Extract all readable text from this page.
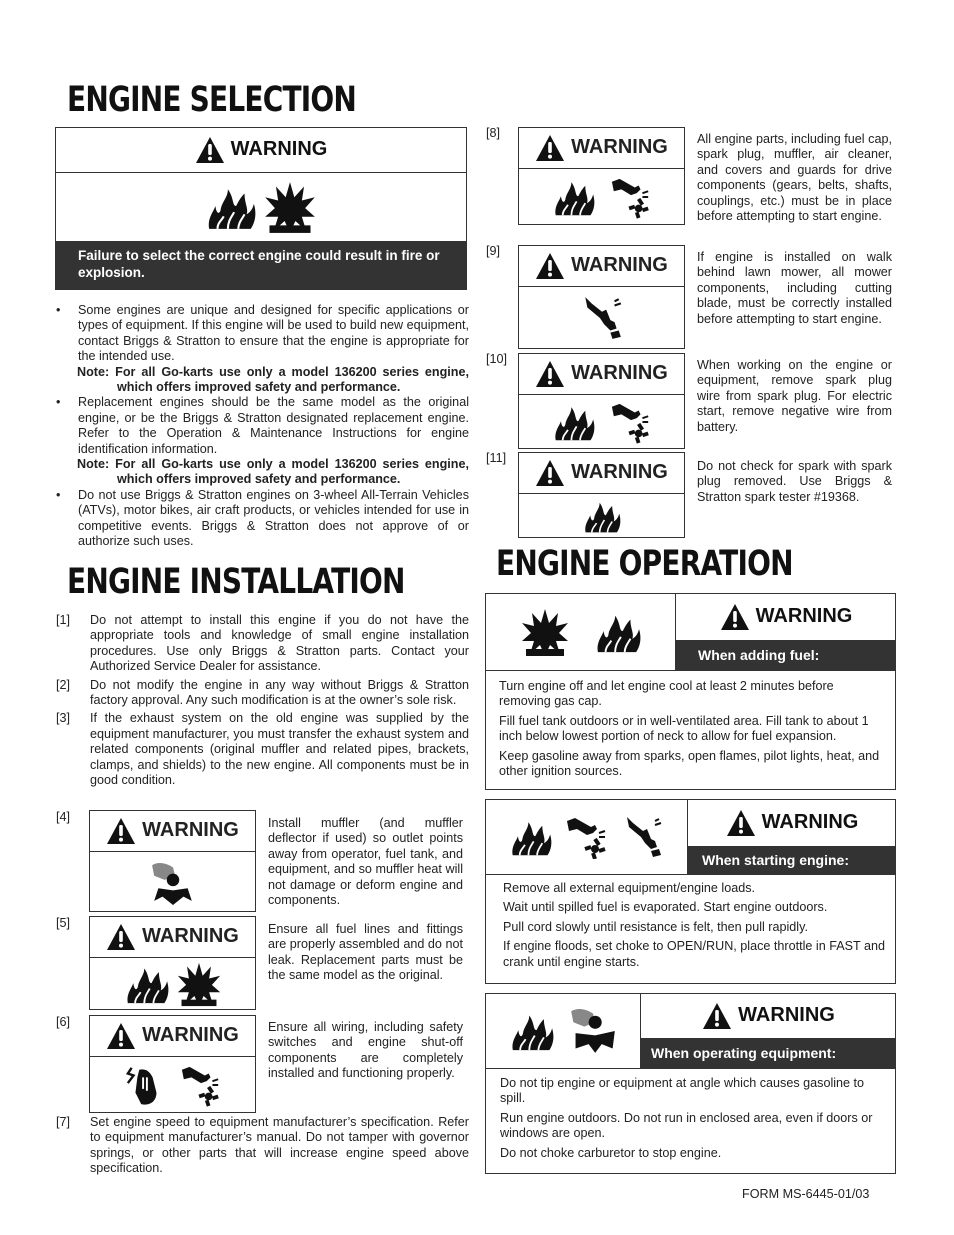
ENGINE SELECTION
WARNING
Failure to select the correct engine could result in fire or explosion.
• Some engines are unique and designed for specific applications or types of equipment. If this engine will be used to build new equipment, contact Briggs & Stratton to ensure that the engine is appropriate for the intended use.

Note: For all Go-karts use only a model 136200 series engine, which offers improved safety and performance.

• Replacement engines should be the same model as the original engine, or be the Briggs & Stratton designated replacement engine. Refer to the Operation & Maintenance Instructions for engine identification information.

Note: For all Go-karts use only a model 136200 series engine, which offers improved safety and performance.

• Do not use Briggs & Stratton engines on 3-wheel All-Terrain Vehicles (ATVs), motor bikes, air craft products, or vehicles intended for use in competitive events. Briggs & Stratton does not approve of or authorize such uses.
ENGINE INSTALLATION
[1] Do not attempt to install this engine if you do not have the appropriate tools and knowledge of small engine installation procedures. Use only Briggs & Stratton parts. Contact your Authorized Service Dealer for assistance.
[2] Do not modify the engine in any way without Briggs & Stratton factory approval. Any such modification is at the owner’s sole risk.
[3] If the exhaust system on the old engine was supplied by the equipment manufacturer, you must transfer the exhaust system and related components (original muffler and related pipes, brackets, clamps, and shields) to the new engine. All components must be in good condition.
[4]
WARNING Install muffler (and muffler deflector if used) so outlet points away from operator, fuel tank, and equipment, and so muffler heat will not damage or deform engine and components.
[5]
WARNING Ensure all fuel lines and fittings are properly assembled and do not leak. Replacement parts must be the same model as the original.
[6]
WARNING Ensure all wiring, including safety switches and engine shut-off components are completely installed and functioning properly.
[7] Set engine speed to equipment manufacturer’s specification. Refer to equipment manufacturer’s manual. Do not tamper with governor springs, or other parts that will increase engine speed above specification.
[8]
WARNING All engine parts, including fuel cap, spark plug, muffler, air cleaner, and covers and guards for drive components (gears, belts, shafts, couplings, etc.) must be in place before attempting to start engine.
[9]
WARNING If engine is installed on walk behind lawn mower, all mower components, including cutting blade, must be correctly installed before attempting to start engine.
[10]
WARNING When working on the engine or equipment, remove spark plug wire from spark plug. For electric start, remove negative wire from battery.
[11]
WARNING Do not check for spark with spark plug removed. Use Briggs & Stratton spark tester #19368.
ENGINE OPERATION
WARNING
When adding fuel:

Turn engine off and let engine cool at least 2 minutes before removing gas cap.

Fill fuel tank outdoors or in well-ventilated area. Fill tank to about 1 inch below lowest portion of neck to allow for fuel expansion.

Keep gasoline away from sparks, open flames, pilot lights, heat, and other ignition sources.

WARNING
When starting engine:

Remove all external equipment/engine loads.

Wait until spilled fuel is evaporated. Start engine outdoors.

Pull cord slowly until resistance is felt, then pull rapidly.

If engine floods, set choke to OPEN/RUN, place throttle in FAST and crank until engine starts.

WARNING
When operating equipment:

Do not tip engine or equipment at angle which causes gasoline to spill.

Run engine outdoors. Do not run in enclosed area, even if doors or windows are open.

Do not choke carburetor to stop engine.

FORM MS-6445-01/03
